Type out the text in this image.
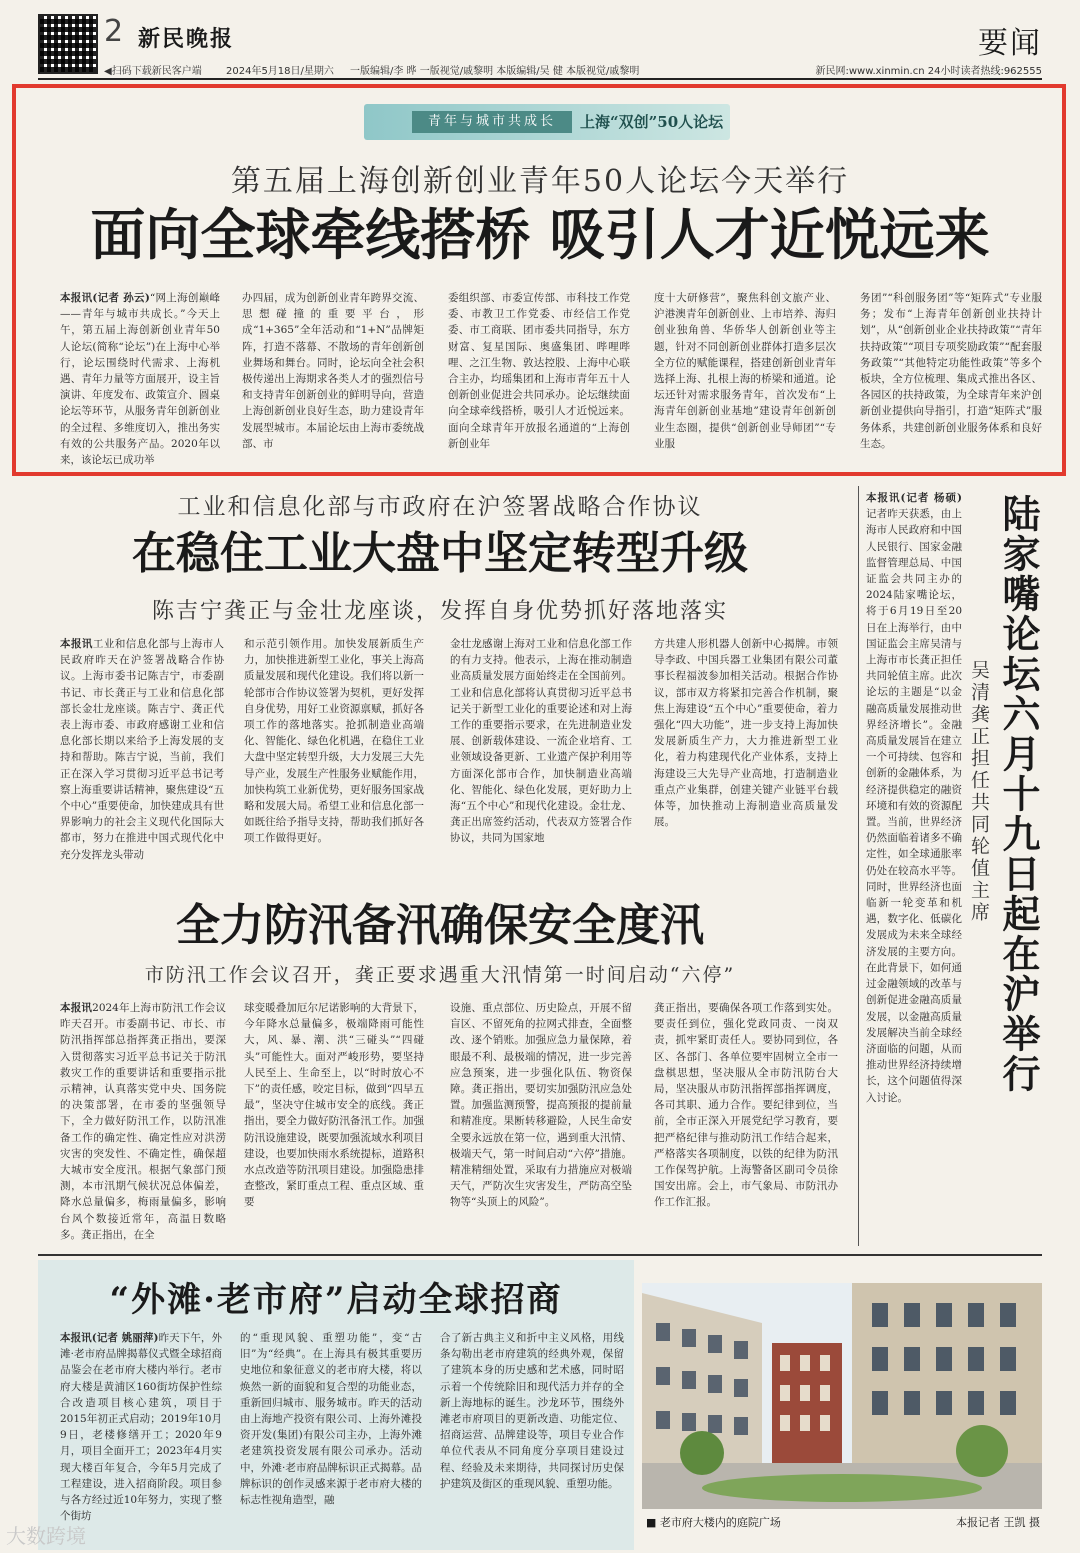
2 新民晚报	要闻
◀扫码下载新民客户端 2024年5月18日/星期六 一版编辑/李 晔 一版视觉/戚黎明 本版编辑/吴 健 本版视觉/戚黎明	新民网:www.xinmin.cn 24小时读者热线:962555
青年与城市共成长	上海“双创”50人论坛
第五届上海创新创业青年50人论坛今天举行
面向全球牵线搭桥 吸引人才近悦远来
本报讯(记者 孙云)“网上海创巅峰——青年与城市共成长。”今天上午，第五届上海创新创业青年50人论坛(简称“论坛”)在上海中心举行，论坛围绕时代需求、上海机遇、青年力量等方面展开，设主旨演讲、年度发布、政策宣介、圆桌论坛等环节，从服务青年创新创业的全过程、多维度切入，推出务实有效的公共服务产品。2020年以来，该论坛已成功举
办四届，成为创新创业青年跨界交流、思想碰撞的重要平台，形成“1+365”全年活动和“1+N”品牌矩阵，打造不落幕、不散场的青年创新创业舞场和舞台。同时，论坛向全社会积极传递出上海期求各类人才的强烈信号和支持青年创新创业的鲜明导向，营造上海创新创业良好生态，助力建设青年发展型城市。本届论坛由上海市委统战部、市
委组织部、市委宣传部、市科技工作党委、市教卫工作党委、市经信工作党委、市工商联、团市委共同指导，东方财富、复星国际、奥盛集团、哔哩哔哩、之江生物、敦达控股、上海中心联合主办，均瑶集团和上海市青年五十人创新创业促进会共同承办。论坛继续面向全球牵线搭桥，吸引人才近悦远来。面向全球青年开放报名通道的“上海创新创业年
度十大研修营”，聚焦科创文旅产业、沪港澳青年创新创业、上市培养、海归创业独角兽、华侨华人创新创业等主题，针对不同创新创业群体打造多层次全方位的赋能课程，搭建创新创业青年选择上海、扎根上海的桥梁和通道。论坛还针对需求服务青年，首次发布“上海青年创新创业基地”建设青年创新创业生态圈，提供“创新创业导师团”“专业服
务团”“科创服务团”等“矩阵式”专业服务；发布“上海青年创新创业扶持计划”，从“创新创业企业扶持政策”“青年扶持政策”“项目专项奖励政策”“配套服务政策”“其他特定功能性政策”等多个板块，全方位梳理、集成式推出各区、各园区的扶持政策，为全球青年来沪创新创业提供向导指引，打造“矩阵式”服务体系，共建创新创业服务体系和良好生态。
工业和信息化部与市政府在沪签署战略合作协议
在稳住工业大盘中坚定转型升级
陈吉宁龚正与金壮龙座谈，发挥自身优势抓好落地落实
本报讯工业和信息化部与上海市人民政府昨天在沪签署战略合作协议。上海市委书记陈吉宁，市委副书记、市长龚正与工业和信息化部部长金壮龙座谈。陈吉宁、龚正代表上海市委、市政府感谢工业和信息化部长期以来给予上海发展的支持和帮助。陈吉宁说，当前，我们正在深入学习贯彻习近平总书记考察上海重要讲话精神，聚焦建设“五个中心”重要使命，加快建成具有世界影响力的社会主义现代化国际大都市，努力在推进中国式现代化中充分发挥龙头带动
和示范引领作用。加快发展新质生产力，加快推进新型工业化，事关上海高质量发展和现代化建设。我们将以新一轮部市合作协议签署为契机，更好发挥自身优势，用好工业资源禀赋，抓好各项工作的落地落实。抢抓制造业高端化、智能化、绿色化机遇，在稳住工业大盘中坚定转型升级，大力发展三大先导产业，发展生产性服务业赋能作用，加快构筑工业新优势，更好服务国家战略和发展大局。希望工业和信息化部一如既往给予指导支持，帮助我们抓好各项工作做得更好。
金壮龙感谢上海对工业和信息化部工作的有力支持。他表示，上海在推动制造业高质量发展方面始终走在全国前列。工业和信息化部将认真贯彻习近平总书记关于新型工业化的重要论述和对上海工作的重要指示要求，在先进制造业发展、创新载体建设、一流企业培育、工业领域设备更新、工业遗产保护利用等方面深化部市合作，加快制造业高端化、智能化、绿色化发展，更好助力上海“五个中心”和现代化建设。金壮龙、龚正出席签约活动，代表双方签署合作协议，共同为国家地
方共建人形机器人创新中心揭牌。市领导李政、中国兵器工业集团有限公司董事长程福波参加相关活动。根据合作协议，部市双方将紧扣完善合作机制，聚焦上海建设“五个中心”重要使命，着力强化“四大功能”，进一步支持上海加快发展新质生产力，大力推进新型工业化，着力构建现代化产业体系，支持上海建设三大先导产业高地，打造制造业重点产业集群，创建关键产业链平台载体等，加快推动上海制造业高质量发展。
本报讯(记者 杨硕)记者昨天获悉，由上海市人民政府和中国人民银行、国家金融监督管理总局、中国证监会共同主办的2024陆家嘴论坛，将于6月19日至20日在上海举行，由中国证监会主席吴清与上海市市长龚正担任共同轮值主席。此次论坛的主题是“以金融高质量发展推动世界经济增长”。金融高质量发展旨在建立一个可持续、包容和创新的金融体系，为经济提供稳定的融资环境和有效的资源配置。当前，世界经济仍然面临着诸多不确定性，如全球通胀率仍处在较高水平等。同时，世界经济也面临新一轮变革和机遇，数字化、低碳化发展成为未来全球经济发展的主要方向。在此背景下，如何通过金融领域的改革与创新促进金融高质量发展，以金融高质量发展解决当前全球经济面临的问题，从而推动世界经济持续增长，这个问题值得深入讨论。
陆家嘴论坛六月十九日起在沪举行
吴清龚正担任共同轮值主席
全力防汛备汛确保安全度汛
市防汛工作会议召开，龚正要求遇重大汛情第一时间启动“六停”
本报讯2024年上海市防汛工作会议昨天召开。市委副书记、市长、市防汛指挥部总指挥龚正指出，要深入贯彻落实习近平总书记关于防汛救灾工作的重要讲话和重要指示批示精神，认真落实党中央、国务院的决策部署，在市委的坚强领导下，全力做好防汛工作，以防汛准备工作的确定性、确定性应对洪涝灾害的突发性、不确定性，确保超大城市安全度汛。根据气象部门预测，本市汛期气候状况总体偏差，降水总量偏多，梅雨量偏多，影响台风个数接近常年，高温日数略多。龚正指出，在全
球变暖叠加厄尔尼诺影响的大背景下，今年降水总量偏多，极端降雨可能性大，风、暴、潮、洪“三碰头”“四碰头”可能性大。面对严峻形势，要坚持人民至上、生命至上，以“时时放心不下”的责任感，咬定目标，做到“四早五最”，坚决守住城市安全的底线。龚正指出，要全力做好防汛备汛工作。加强防汛设施建设，既要加强流域水利项目建设，也要加快雨水系统提标，道路积水点改造等防汛项目建设。加强隐患排查整改，紧盯重点工程、重点区域、重要
设施、重点部位、历史险点，开展不留盲区、不留死角的拉网式排查，全面整改、逐个销账。加强应急力量保障，着眼最不利、最极端的情况，进一步完善应急预案，进一步强化队伍、物资保障。龚正指出，要切实加强防汛应急处置。加强监测预警，提高预报的提前量和精准度。果断转移避险，人民生命安全要永远放在第一位，遇到重大汛情、极端天气，第一时间启动“六停”措施。精准精细处置，采取有力措施应对极端天气，严防次生灾害发生，严防高空坠物等“头顶上的风险”。
龚正指出，要确保各项工作落到实处。要责任到位，强化党政同责、一岗双责，抓牢紧盯责任人。要协同到位，各区、各部门、各单位要牢固树立全市一盘棋思想，坚决服从全市防汛防台大局，坚决服从市防汛指挥部指挥调度，各司其职、通力合作。要纪律到位，当前，全市正深入开展党纪学习教育，要把严格纪律与推动防汛工作结合起来，严格落实各项制度，以铁的纪律为防汛工作保驾护航。上海警备区副司令员徐国安出席。会上，市气象局、市防汛办作工作汇报。
“外滩·老市府”启动全球招商
本报讯(记者 姚丽萍)昨天下午，外滩·老市府品牌揭幕仪式暨全球招商品鉴会在老市府大楼内举行。老市府大楼是黄浦区160街坊保护性综合改造项目核心建筑，项目于2015年初正式启动；2019年10月9日，老楼修缮开工；2020年9月，项目全面开工；2023年4月实现大楼百年复合，今年5月完成了工程建设，进入招商阶段。项目参与各方经过近10年努力，实现了整个街坊
的“重现风貌、重塑功能”，变“古旧”为“经典”。在上海具有极其重要历史地位和象征意义的老市府大楼，将以焕然一新的面貌和复合型的功能业态，重新回归城市、服务城市。昨天的活动由上海地产投资有限公司、上海外滩投资开发(集团)有限公司主办，上海外滩老建筑投资发展有限公司承办。活动中，外滩·老市府品牌标识正式揭幕。品牌标识的创作灵感来源于老市府大楼的标志性视角造型，融
合了新古典主义和折中主义风格，用线条勾勒出老市府建筑的经典外观，保留了建筑本身的历史感和艺术感，同时昭示着一个传统除旧和现代活力并存的全新上海地标的诞生。沙龙环节，围绕外滩老市府项目的更新改造、功能定位、招商运营、品牌建设等，项目专业合作单位代表从不同角度分享项目建设过程、经验及未来期待，共同探讨历史保护建筑及街区的重现风貌、重塑功能。
■ 老市府大楼内的庭院广场	本报记者 王凯 摄
大数跨境
